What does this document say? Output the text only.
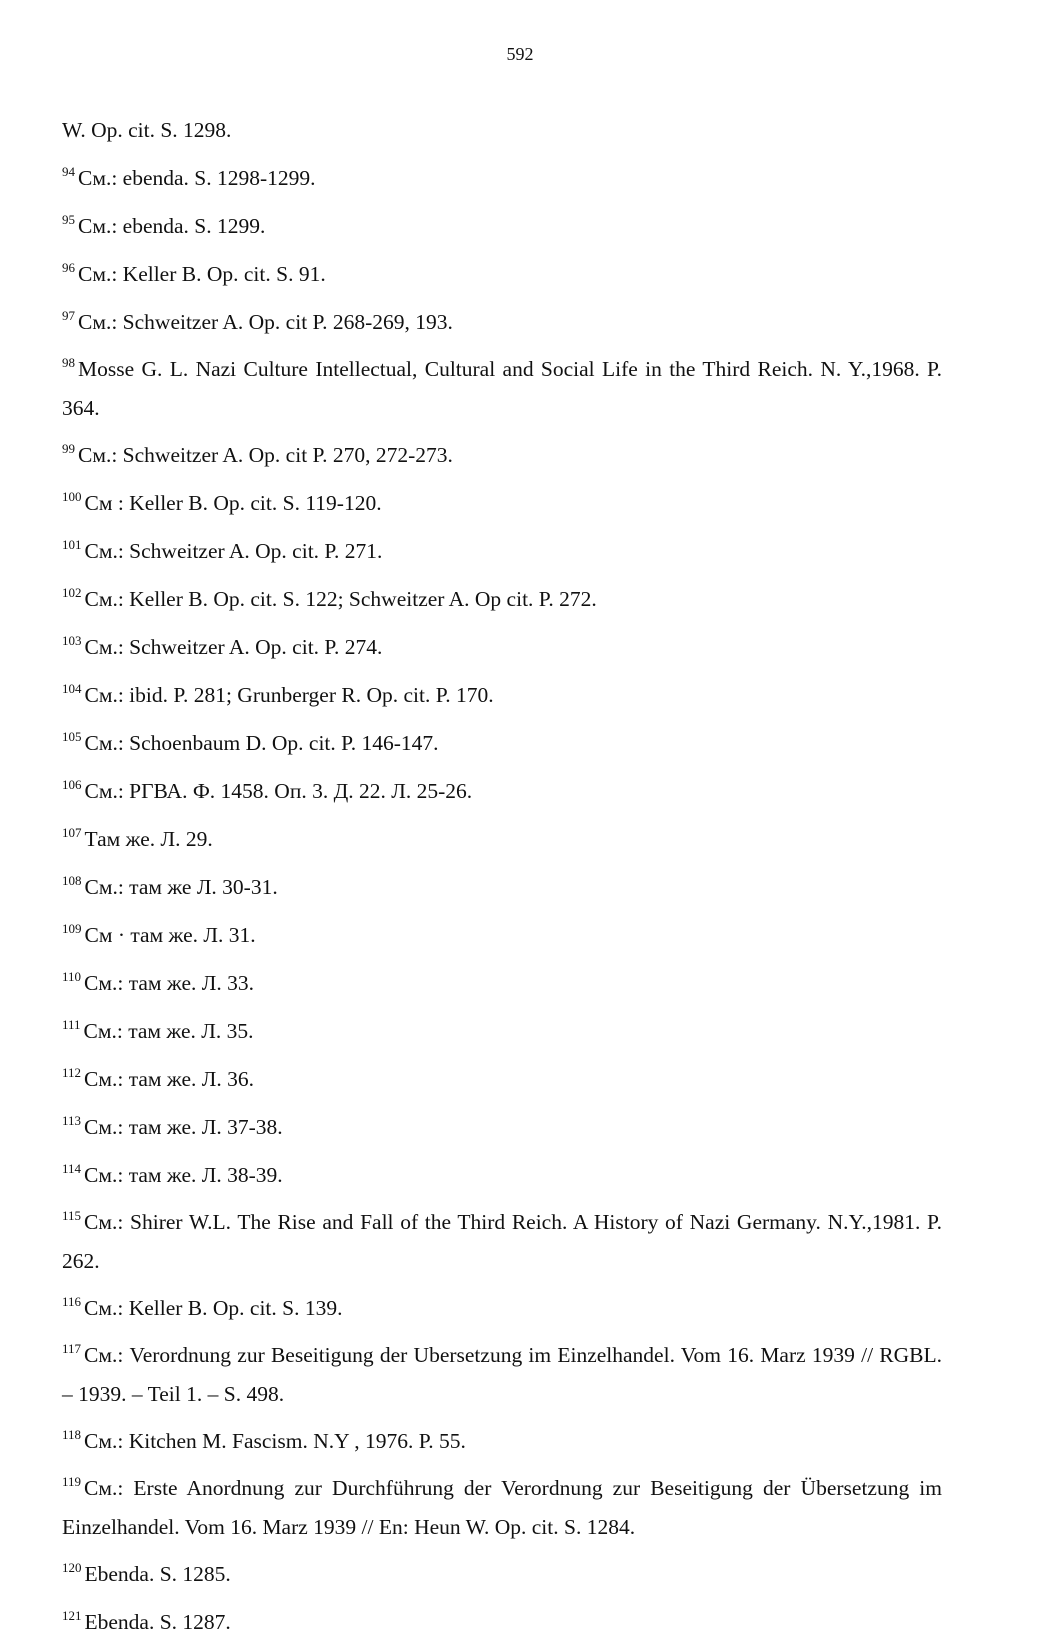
592

W. Op. cit. S. 1298.

$^{94}$ См.: ebenda. S. 1298-1299.

$^{95}$ См.: ebenda. S. 1299.

$^{96}$ См.: Keller B. Op. cit. S. 91.

$^{97}$ См.: Schweitzer A. Op. cit P. 268-269, 193.

$^{98}$ Mosse G. L. Nazi Culture Intellectual, Cultural and Social Life in the Third Reich. N. Y.,1968. P. 364.

$^{99}$ См.: Schweitzer A. Op. cit P. 270, 272-273.

$^{100}$ См : Keller B. Op. cit. S. 119-120.

$^{101}$ См.: Schweitzer A. Op. cit. P. 271.

$^{102}$ См.: Keller B. Op. cit. S. 122; Schweitzer A. Op cit. P. 272.

$^{103}$ См.: Schweitzer A. Op. cit. P. 274.

$^{104}$ См.: ibid. P. 281; Grunberger R. Op. cit. P. 170.

$^{105}$ См.: Schoenbaum D. Op. cit. P. 146-147.

$^{106}$ См.: РГВА. Ф. 1458. Оп. 3. Д. 22. Л. 25-26.

$^{107}$ Там же. Л. 29.

$^{108}$ См.: там же Л. 30-31.

$^{109}$ См · там же. Л. 31.

$^{110}$ См.: там же. Л. 33.

$^{111}$ См.: там же. Л. 35.

$^{112}$ См.: там же. Л. 36.

$^{113}$ См.: там же. Л. 37-38.

$^{114}$ См.: там же. Л. 38-39.

$^{115}$ См.: Shirer W.L. The Rise and Fall of the Third Reich. A History of Nazi Germany. N.Y.,1981. P. 262.

$^{116}$ См.: Keller B. Op. cit. S. 139.

$^{117}$ См.: Verordnung zur Beseitigung der Ubersetzung im Einzelhandel. Vom 16. Marz 1939 // RGBL. – 1939. – Teil 1. – S. 498.

$^{118}$ См.: Kitchen M. Fascism. N.Y , 1976. P. 55.

$^{119}$ См.: Erste Anordnung zur Durchführung der Verordnung zur Beseitigung der Übersetzung im Einzelhandel. Vom 16. Marz 1939 // En: Heun W. Op. cit. S. 1284.

$^{120}$ Ebenda. S. 1285.

$^{121}$ Ebenda. S. 1287.
